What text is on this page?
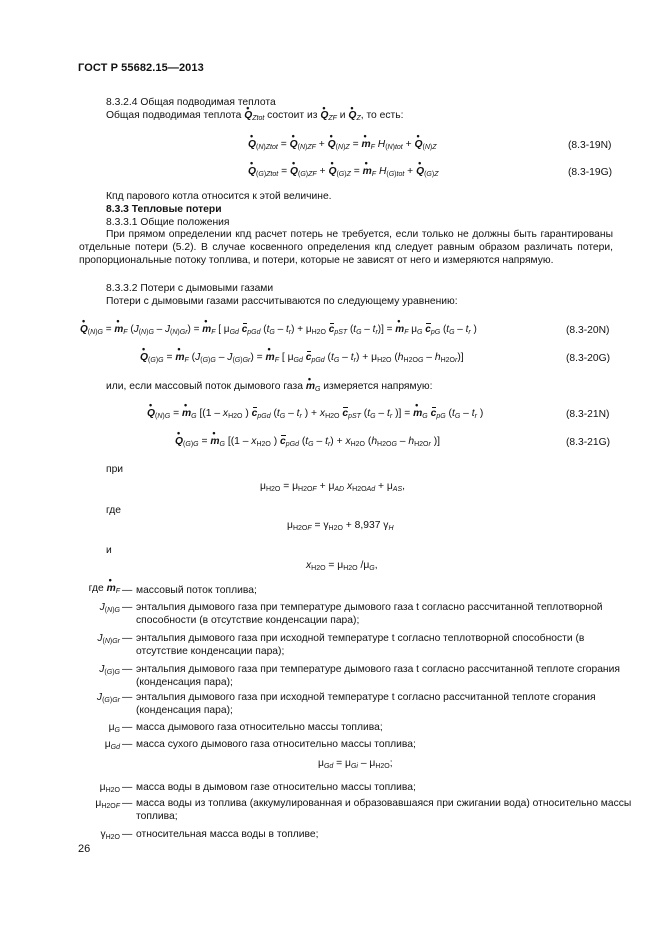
ГОСТ Р 55682.15—2013
8.3.2.4 Общая подводимая теплота
Общая подводимая теплота • $Q_{Ztot}$ состоит из • $Q_{ZF}$ и • $Q_Z$, то есть:
• $Q_{(N)Ztot}$ = • $Q_{(N)ZF}$ + • $Q_{(N)Z}$ = • $m_F$ $H_{(N)tot}$ + • $Q_{(N)Z}$	(8.3-19N)
• $Q_{(G)Ztot}$ = • $Q_{(G)ZF}$ + • $Q_{(G)Z}$ = • $m_F$ $H_{(G)tot}$ + • $Q_{(G)Z}$	(8.3-19G)
Кпд парового котла относится к этой величине.
8.3.3 Тепловые потери
8.3.3.1 Общие положения
При прямом определении кпд расчет потерь не требуется, если только не должны быть гарантированы отдельные потери (5.2). В случае косвенного определения кпд следует равным образом различать потери, пропорциональные потоку топлива, и потери, которые не зависят от него и измеряются напрямую.
8.3.3.2 Потери с дымовыми газами
Потери с дымовыми газами рассчитываются по следующему уравнению:
• $Q_{(N)G}$ = • $m_F$ $(J_{(N)G} - J_{(N)Gr})$ = • $m_F$ [ $\mu_{Gd}$ $c_{pGd}$ $(t_G - t_r) + \mu_{H2O}$ $c_{pST}$ $(t_G - t_r)$] = • $m_F$ $\mu_G$ $c_{pG}$ ($t_G - t_r$ )	(8.3-20N)
• $Q_{(G)G}$ = • $m_F$ $(J_{(G)G} - J_{(G)Gr})$ = • $m_F$ [ $\mu_{Gd}$ $c_{pGd}$ $(t_G - t_r) + \mu_{H2O}$ $(h_{H2OG} - h_{H2Or})$]	(8.3-20G)
или, если массовый поток дымового газа • $m_G$ измеряется напрямую:
• $Q_{(N)G}$ = • $m_G$ [($1 - x_{H2O}$ ) $c_{pGd}$ ($t_G - t_r$ ) + $x_{H2O}$ $c_{pST}$ ($t_G - t_r$ )] = • $m_G$ $c_{pG}$ ($t_G - t_r$ )	(8.3-21N)
• $Q_{(G)G}$ = • $m_G$ [($1 - x_{H2O}$ ) $c_{pGd}$ $(t_G - t_r) + x_{H2O}$ ($h_{H2OG} - h_{H2Or}$ )]	(8.3-21G)
при
$\mu_{H2O} = \mu_{H2OF} + \mu_{AD}$ $x_{H2OAd} + \mu_{AS}$,
где
$\mu_{H2OF} = \gamma_{H2O} + 8,937$ $\gamma_H$
и
$x_{H2O} = \mu_{H2O}$ $/\mu_G$,
где • $m_F$ — массовый поток топлива;
$J_{(N)G}$ — энтальпия дымового газа при температуре дымового газа t согласно рассчитанной теплотворной способности (в отсутствие конденсации пара);
$J_{(N)Gr}$ — энтальпия дымового газа при исходной температуре t согласно теплотворной способности (в отсутствие конденсации пара);
$J_{(G)G}$ — энтальпия дымового газа при температуре дымового газа t согласно рассчитанной теплоте сгорания (конденсация пара);
$J_{(G)Gr}$ — энтальпия дымового газа при исходной температуре t согласно рассчитанной теплоте сгорания (конденсация пара);
$\mu_G$ — масса дымового газа относительно массы топлива;
$\mu_{Gd}$ — масса сухого дымового газа относительно массы топлива;
$\mu_{Gd} = \mu_{Gi} - \mu_{H2O}$;
$\mu_{H2O}$ — масса воды в дымовом газе относительно массы топлива;
$\mu_{H2OF}$ — масса воды из топлива (аккумулированная и образовавшаяся при сжигании вода) относительно массы топлива;
$\gamma_{H2O}$ — относительная масса воды в топливе;
26
